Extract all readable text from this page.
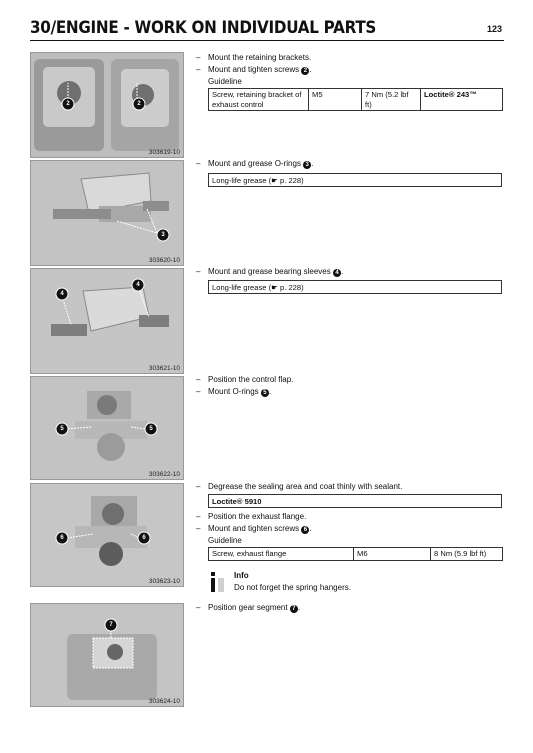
30/ENGINE - WORK ON INDIVIDUAL PARTS	123
2	2
303619-10
3
303620-10
4
4
303621-10
5	5
303622-10
6	6
303623-10
7
303624-10
– Mount the retaining brackets.
– Mount and tighten screws 2 .
Guideline
Screw, retaining bracket of exhaust control	M5	7 Nm (5.2 lbf ft)	Loctite® 243™
– Mount and grease O-rings 3 .
Long-life grease (☛ p. 228)
– Mount and grease bearing sleeves 4 .
Long-life grease (☛ p. 228)
– Position the control flap.
– Mount O-rings 5 .
– Degrease the sealing area and coat thinly with sealant.
Loctite® 5910
– Position the exhaust flange.
– Mount and tighten screws 6 .
Guideline
Screw, exhaust flange	M6	8 Nm (5.9 lbf ft)
Info
Do not forget the spring hangers.
– Position gear segment 7 .
